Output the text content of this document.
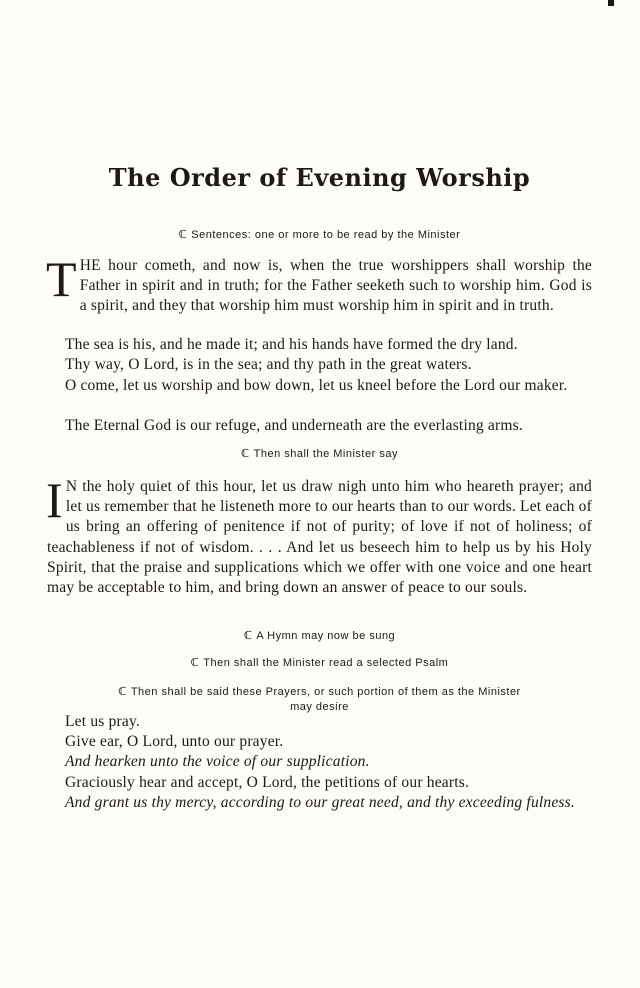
The Order of Evening Worship
ℂ Sentences: one or more to be read by the Minister
THE hour cometh, and now is, when the true worshippers shall worship the Father in spirit and in truth; for the Father seeketh such to worship him. God is a spirit, and they that worship him must worship him in spirit and in truth.
The sea is his, and he made it; and his hands have formed the dry land.
Thy way, O Lord, is in the sea; and thy path in the great waters.
O come, let us worship and bow down, let us kneel before the Lord our maker.
The Eternal God is our refuge, and underneath are the everlasting arms.
ℂ Then shall the Minister say
I N the holy quiet of this hour, let us draw nigh unto him who heareth prayer; and let us remember that he listeneth more to our hearts than to our words. Let each of us bring an offering of penitence if not of purity; of love if not of holiness; of teachableness if not of wisdom. . . . And let us beseech him to help us by his Holy Spirit, that the praise and supplications which we offer with one voice and one heart may be acceptable to him, and bring down an answer of peace to our souls.
ℂ A Hymn may now be sung
ℂ Then shall the Minister read a selected Psalm
ℂ Then shall be said these Prayers, or such portion of them as the Minister may desire
Let us pray.
Give ear, O Lord, unto our prayer.
And hearken unto the voice of our supplication.
Graciously hear and accept, O Lord, the petitions of our hearts.
And grant us thy mercy, according to our great need, and thy exceeding fulness.
